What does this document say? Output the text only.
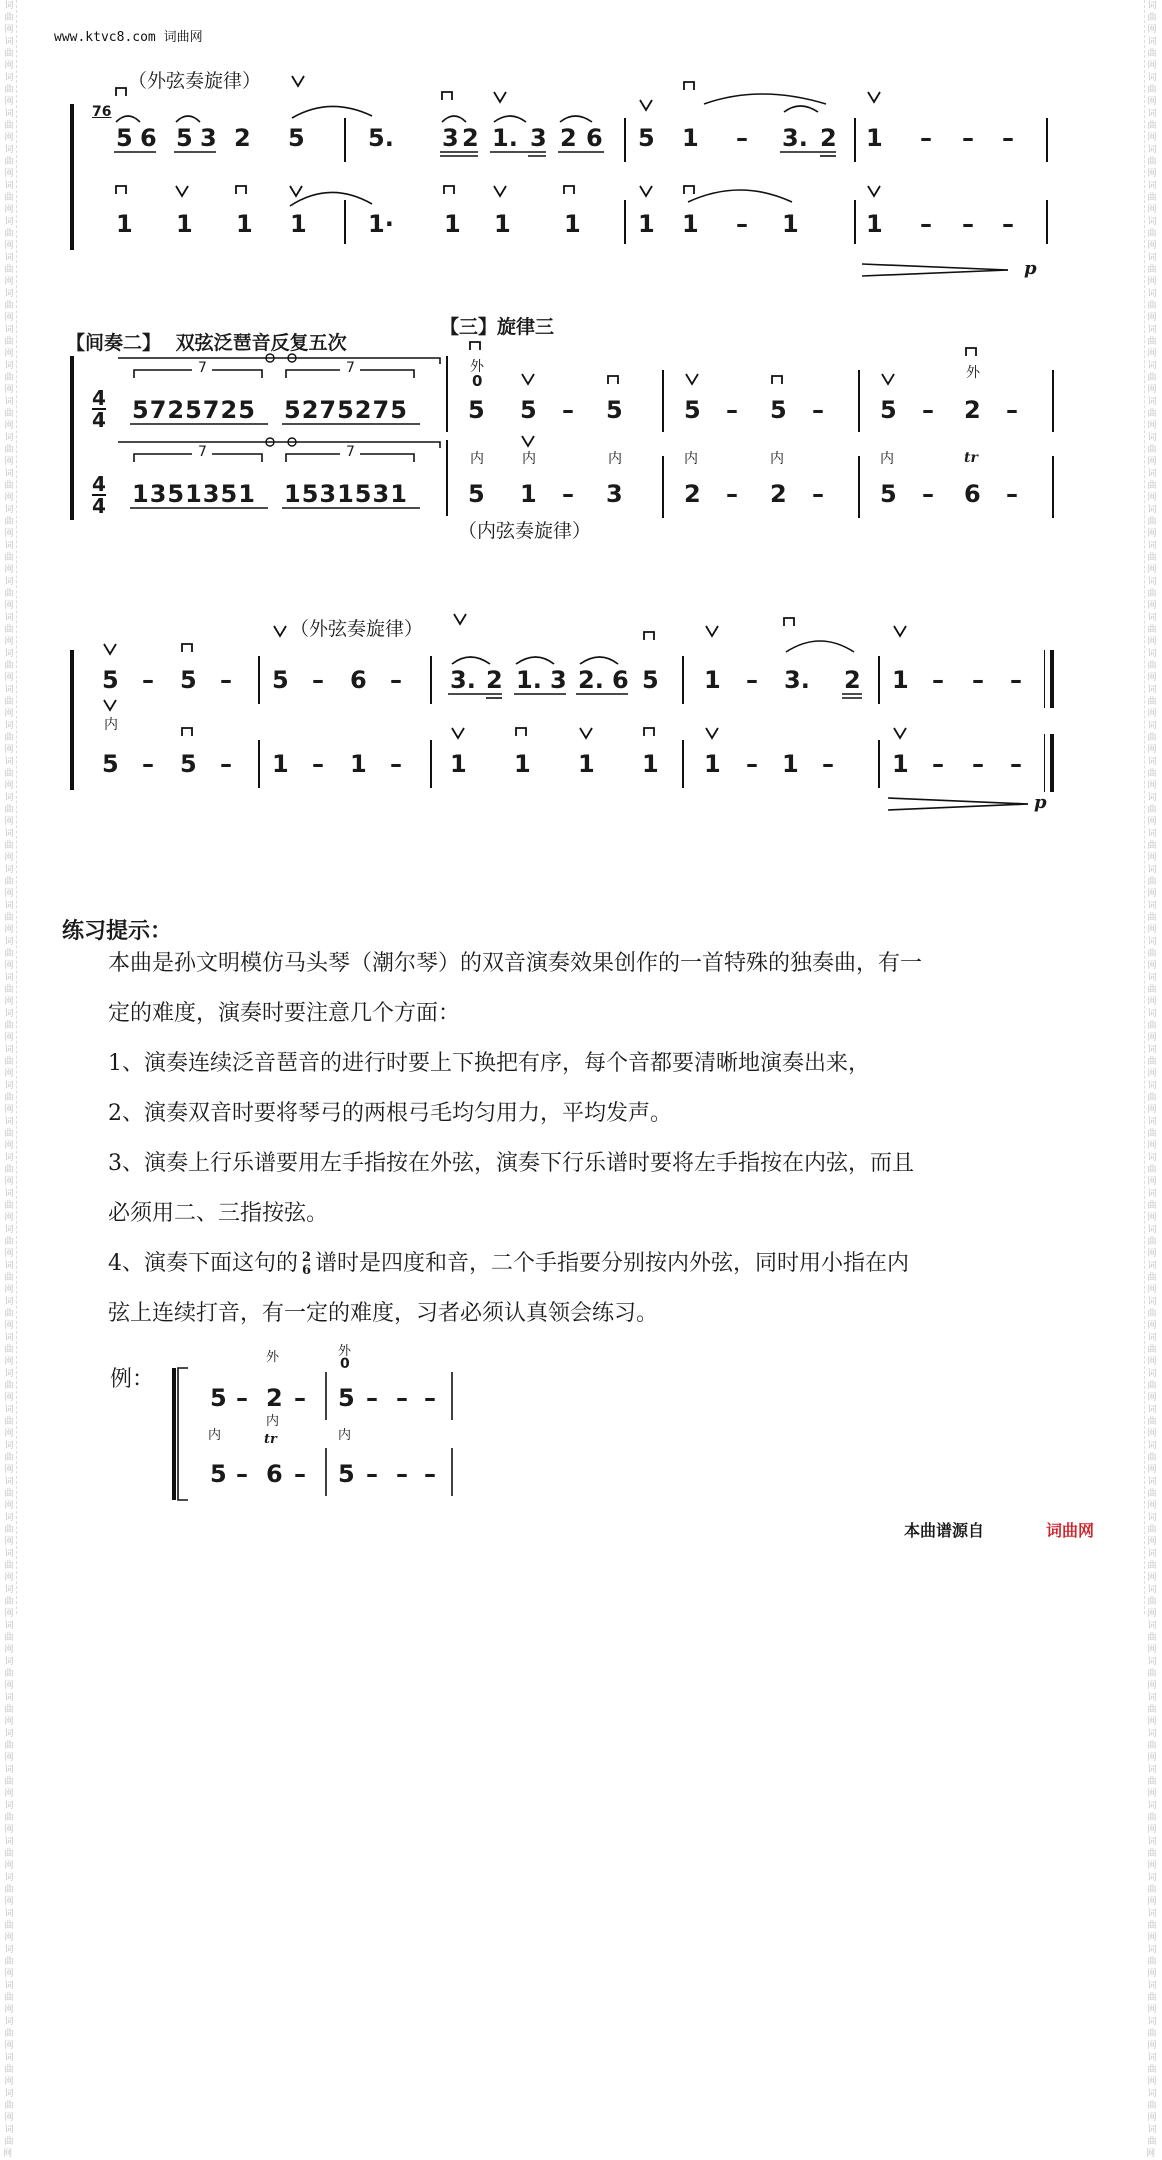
词曲网 词曲网 词曲网 词曲网 词曲网 词曲网 词曲网 词曲网 词曲网 词曲网 词曲网 词曲网 词曲网 词曲网 词曲网 词曲网 词曲网 词曲网 词曲网 词曲网 词曲网 词曲网 词曲网 词曲网 词曲网 词曲网 词曲网 词曲网 词曲网 词曲网 词曲网 词曲网 词曲网 词曲网 词曲网 词曲网 词曲网 词曲网 词曲网 词曲网 词曲网 词曲网 词曲网 词曲网 词曲网 词曲网 词曲网 词曲网 词曲网 词曲网 词曲网 词曲网 词曲网 词曲网 词曲网 词曲网 词曲网 词曲网 词曲网 词曲网
词曲网 词曲网 词曲网 词曲网 词曲网 词曲网 词曲网 词曲网 词曲网 词曲网 词曲网 词曲网 词曲网 词曲网 词曲网 词曲网 词曲网 词曲网 词曲网 词曲网 词曲网 词曲网 词曲网 词曲网 词曲网 词曲网 词曲网 词曲网 词曲网 词曲网 词曲网 词曲网 词曲网 词曲网 词曲网 词曲网 词曲网 词曲网 词曲网 词曲网 词曲网 词曲网 词曲网 词曲网 词曲网 词曲网 词曲网 词曲网 词曲网 词曲网 词曲网 词曲网 词曲网 词曲网 词曲网 词曲网 词曲网 词曲网 词曲网 词曲网
www.ktvc8.com 词曲网
（外弦奏旋律）
76
5 6 5 3 2 5	5. 3 2 1. 3 2 6 5 1 – 3. 2 1 – – –
1 1 1 1	1· 1 1 1 1 1 – 1	1 – – –
p
【间奏二】 双弦泛琶音反复五次
【三】旋律三
$\frac{4}{4}$
$\frac{4}{4}$
5725725 5275275
1351351 1531531
7	7
7	7
外
0	外
内	内	内	内	内	内	tr
5 5 – 5	5 – 5 – 5 – 2 –
5 1 – 3	2 – 2 – 5 – 6 –
（内弦奏旋律）
（外弦奏旋律）
5 – 5 – 5 – 6 – 3. 2 1. 3 2. 6 5 1 – 3. 2 1 – – –
5 – 5 – 1 – 1 – 1 1 1 1 1 – 1 – 1 – – –
内
p
练习提示：
本曲是孙文明模仿马头琴（潮尔琴）的双音演奏效果创作的一首特殊的独奏曲，有一
定的难度，演奏时要注意几个方面：
1、演奏连续泛音琶音的进行时要上下换把有序，每个音都要清晰地演奏出来，
2、演奏双音时要将琴弓的两根弓毛均匀用力，平均发声。
3、演奏上行乐谱要用左手指按在外弦，演奏下行乐谱时要将左手指按在内弦，而且
必须用二、三指按弦。
4、演奏下面这句的 2
6 谱时是四度和音，二个手指要分别按内外弦，同时用小指在内
弦上连续打音，有一定的难度，习者必须认真领会练习。
例：
5 – 2 – 5 – – –
5 – 6 – 5 – – –
外	外
0
内
内
tr	内
本曲谱源自	词曲网
